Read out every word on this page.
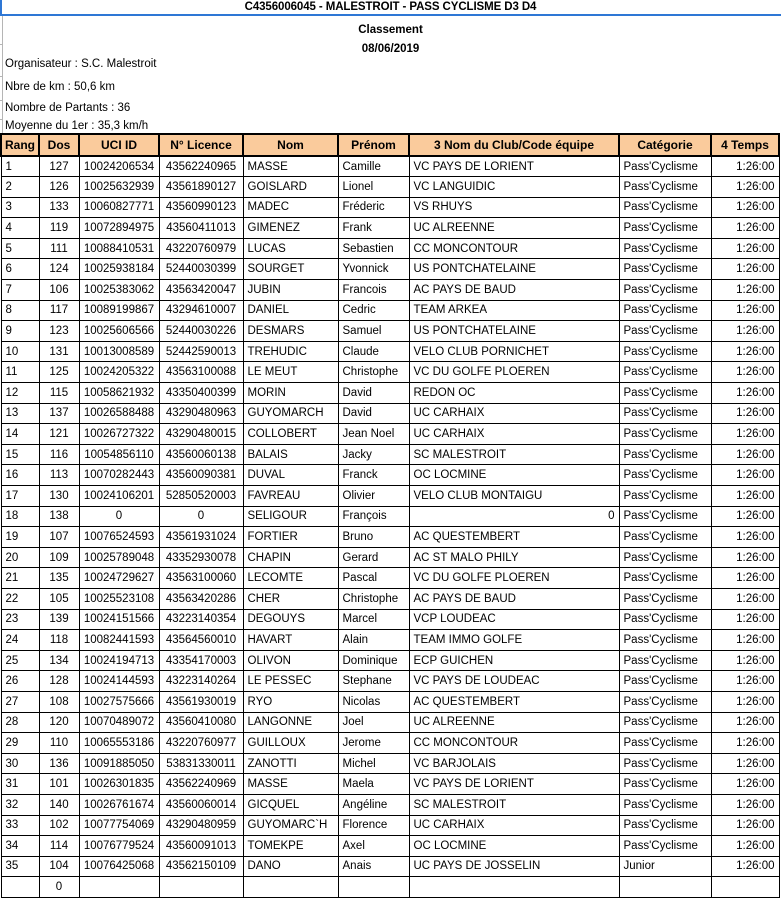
C4356006045 - MALESTROIT - PASS CYCLISME D3 D4
Classement
08/06/2019
Organisateur : S.C. Malestroit
Nbre de km : 50,6 km
Nombre de Partants : 36
Moyenne du 1er : 35,3 km/h
Rang	Dos	UCI ID	N° Licence	Nom	Prénom	3 Nom du Club/Code équipe	Catégorie	4 Temps
1	127	10024206534	43562240965	MASSE	Camille	VC PAYS DE LORIENT	Pass'Cyclisme	1:26:00
2	126	10025632939	43561890127	GOISLARD	Lionel	VC LANGUIDIC	Pass'Cyclisme	1:26:00
3	133	10060827771	43560990123	MADEC	Fréderic	VS RHUYS	Pass'Cyclisme	1:26:00
4	119	10072894975	43560411013	GIMENEZ	Frank	UC ALREENNE	Pass'Cyclisme	1:26:00
5	111	10088410531	43220760979	LUCAS	Sebastien	CC MONCONTOUR	Pass'Cyclisme	1:26:00
6	124	10025938184	52440030399	SOURGET	Yvonnick	US PONTCHATELAINE	Pass'Cyclisme	1:26:00
7	106	10025383062	43563420047	JUBIN	Francois	AC PAYS DE BAUD	Pass'Cyclisme	1:26:00
8	117	10089199867	43294610007	DANIEL	Cedric	TEAM ARKEA	Pass'Cyclisme	1:26:00
9	123	10025606566	52440030226	DESMARS	Samuel	US PONTCHATELAINE	Pass'Cyclisme	1:26:00
10	131	10013008589	52442590013	TREHUDIC	Claude	VELO CLUB PORNICHET	Pass'Cyclisme	1:26:00
11	125	10024205322	43563100088	LE MEUT	Christophe	VC DU GOLFE PLOEREN	Pass'Cyclisme	1:26:00
12	115	10058621932	43350400399	MORIN	David	REDON OC	Pass'Cyclisme	1:26:00
13	137	10026588488	43290480963	GUYOMARCH	David	UC CARHAIX	Pass'Cyclisme	1:26:00
14	121	10026727322	43290480015	COLLOBERT	Jean Noel	UC CARHAIX	Pass'Cyclisme	1:26:00
15	116	10054856110	43560060138	BALAIS	Jacky	SC MALESTROIT	Pass'Cyclisme	1:26:00
16	113	10070282443	43560090381	DUVAL	Franck	OC LOCMINE	Pass'Cyclisme	1:26:00
17	130	10024106201	52850520003	FAVREAU	Olivier	VELO CLUB MONTAIGU	Pass'Cyclisme	1:26:00
18	138	0	0	SELIGOUR	François	0	Pass'Cyclisme	1:26:00
19	107	10076524593	43561931024	FORTIER	Bruno	AC QUESTEMBERT	Pass'Cyclisme	1:26:00
20	109	10025789048	43352930078	CHAPIN	Gerard	AC ST MALO PHILY	Pass'Cyclisme	1:26:00
21	135	10024729627	43563100060	LECOMTE	Pascal	VC DU GOLFE PLOEREN	Pass'Cyclisme	1:26:00
22	105	10025523108	43563420286	CHER	Christophe	AC PAYS DE BAUD	Pass'Cyclisme	1:26:00
23	139	10024151566	43223140354	DEGOUYS	Marcel	VCP LOUDEAC	Pass'Cyclisme	1:26:00
24	118	10082441593	43564560010	HAVART	Alain	TEAM IMMO GOLFE	Pass'Cyclisme	1:26:00
25	134	10024194713	43354170003	OLIVON	Dominique	ECP GUICHEN	Pass'Cyclisme	1:26:00
26	128	10024144593	43223140264	LE PESSEC	Stephane	VC PAYS DE LOUDEAC	Pass'Cyclisme	1:26:00
27	108	10027575666	43561930019	RYO	Nicolas	AC QUESTEMBERT	Pass'Cyclisme	1:26:00
28	120	10070489072	43560410080	LANGONNE	Joel	UC ALREENNE	Pass'Cyclisme	1:26:00
29	110	10065553186	43220760977	GUILLOUX	Jerome	CC MONCONTOUR	Pass'Cyclisme	1:26:00
30	136	10091885050	53831330011	ZANOTTI	Michel	VC BARJOLAIS	Pass'Cyclisme	1:26:00
31	101	10026301835	43562240969	MASSE	Maela	VC PAYS DE LORIENT	Pass'Cyclisme	1:26:00
32	140	10026761674	43560060014	GICQUEL	Angéline	SC MALESTROIT	Pass'Cyclisme	1:26:00
33	102	10077754069	43290480959	GUYOMARC`H	Florence	UC CARHAIX	Pass'Cyclisme	1:26:00
34	114	10076779524	43560091013	TOMEKPE	Axel	OC LOCMINE	Pass'Cyclisme	1:26:00
35	104	10076425068	43562150109	DANO	Anais	UC PAYS DE JOSSELIN	Junior	1:26:00
	0							
